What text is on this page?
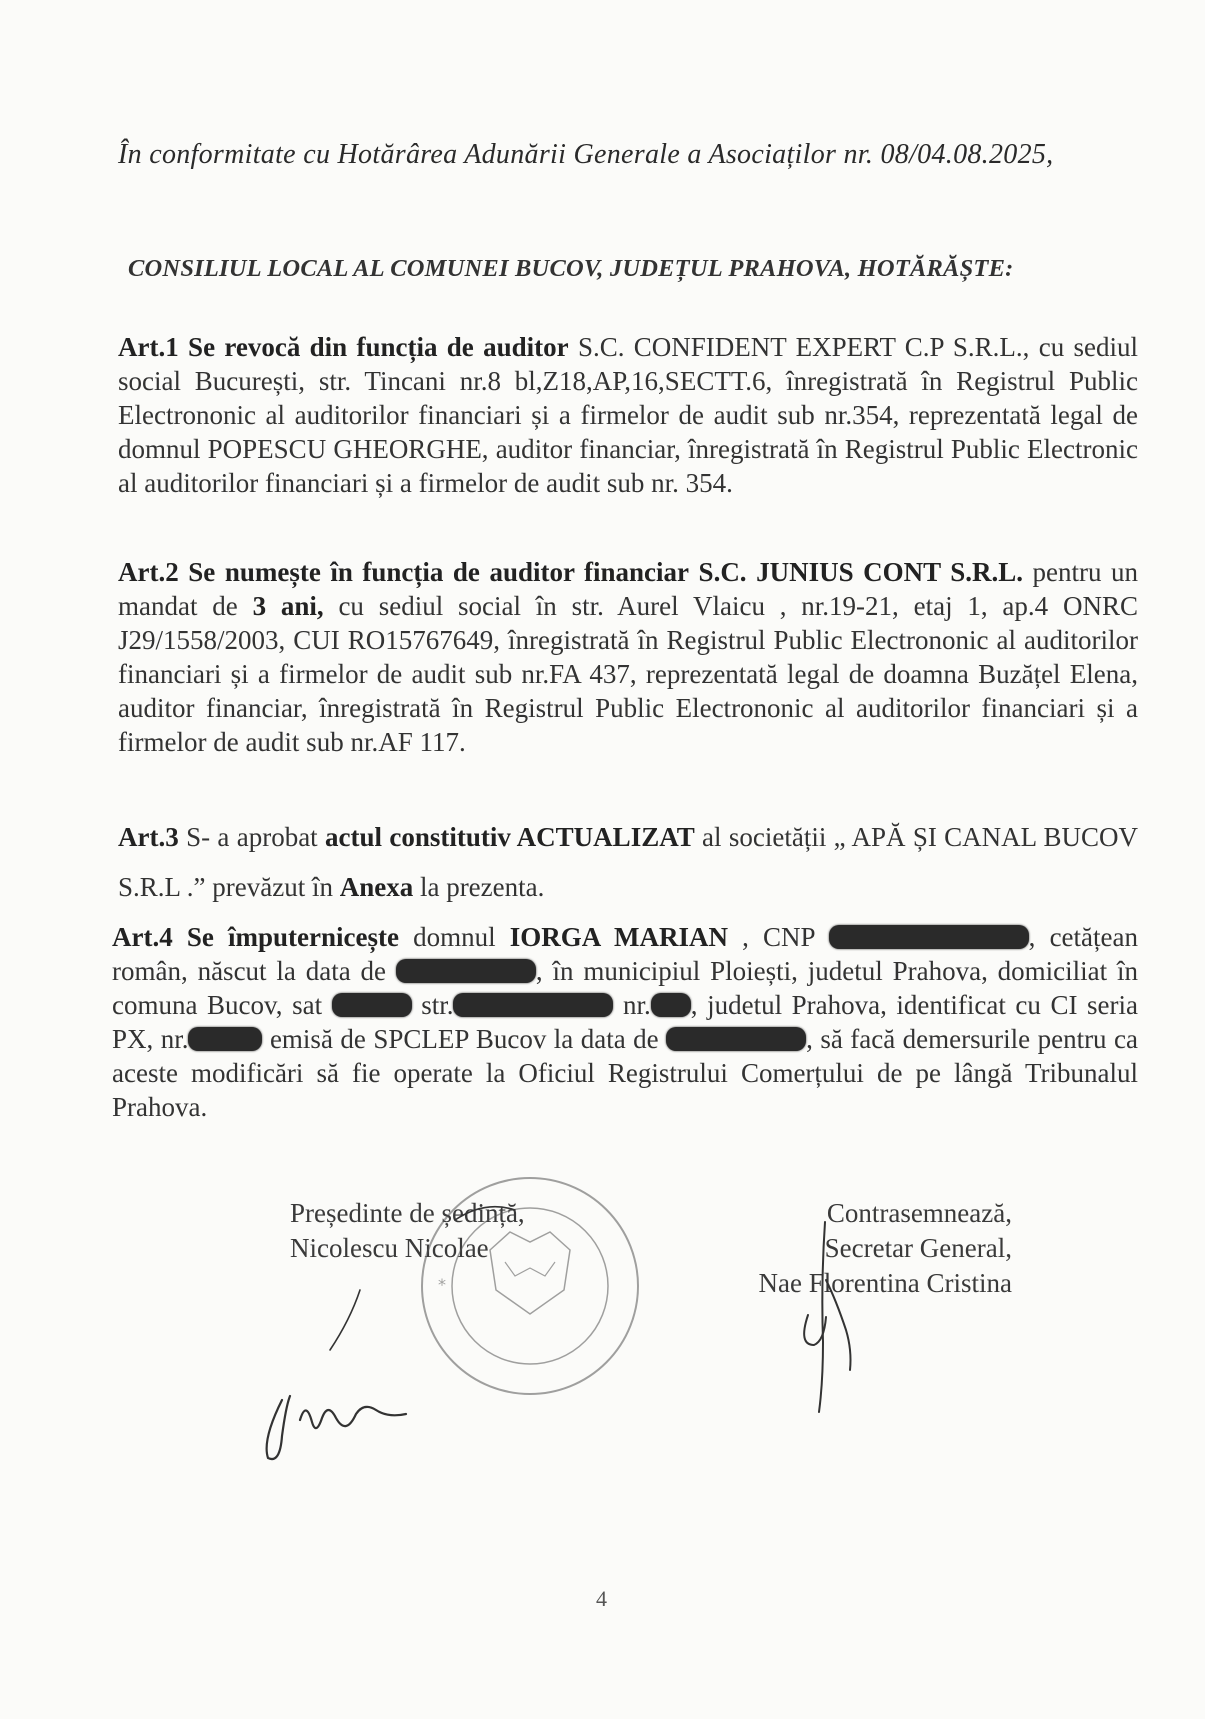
În conformitate cu Hotărârea Adunării Generale a Asociaților nr. 08/04.08.2025,
CONSILIUL LOCAL AL COMUNEI BUCOV, JUDEȚUL PRAHOVA, HOTĂRĂȘTE:
Art.1 Se revocă din funcția de auditor S.C. CONFIDENT EXPERT C.P S.R.L., cu sediul social București, str. Tincani nr.8 bl,Z18,AP,16,SECTT.6, înregistrată în Registrul Public Electrononic al auditorilor financiari și a firmelor de audit sub nr.354, reprezentată legal de domnul POPESCU GHEORGHE, auditor financiar, înregistrată în Registrul Public Electronic al auditorilor financiari și a firmelor de audit sub nr. 354.
Art.2 Se numește în funcția de auditor financiar S.C. JUNIUS CONT S.R.L. pentru un mandat de 3 ani, cu sediul social în str. Aurel Vlaicu , nr.19-21, etaj 1, ap.4 ONRC J29/1558/2003, CUI RO15767649, înregistrată în Registrul Public Electrononic al auditorilor financiari și a firmelor de audit sub nr.FA 437, reprezentată legal de doamna Buzățel Elena, auditor financiar, înregistrată în Registrul Public Electrononic al auditorilor financiari și a firmelor de audit sub nr.AF 117.
Art.3 S- a aprobat actul constitutiv ACTUALIZAT al societății „ APĂ ȘI CANAL BUCOV S.R.L .” prevăzut în Anexa la prezenta.
Art.4 Se împuternicește domnul IORGA MARIAN , CNP	, cetățean român, născut la data de	, în municipiul Ploiești, judetul Prahova, domiciliat în comuna Bucov, sat	str.	nr. , judetul Prahova, identificat cu CI seria PX, nr.	emisă de SPCLEP Bucov la data de	, să facă demersurile pentru ca aceste modificări să fie operate la Oficiul Registrului Comerțului de pe lângă Tribunalul Prahova.
Președinte de ședință,
Nicolescu Nicolae
Contrasemnează,
Secretar General,
Nae Florentina Cristina
*
4
